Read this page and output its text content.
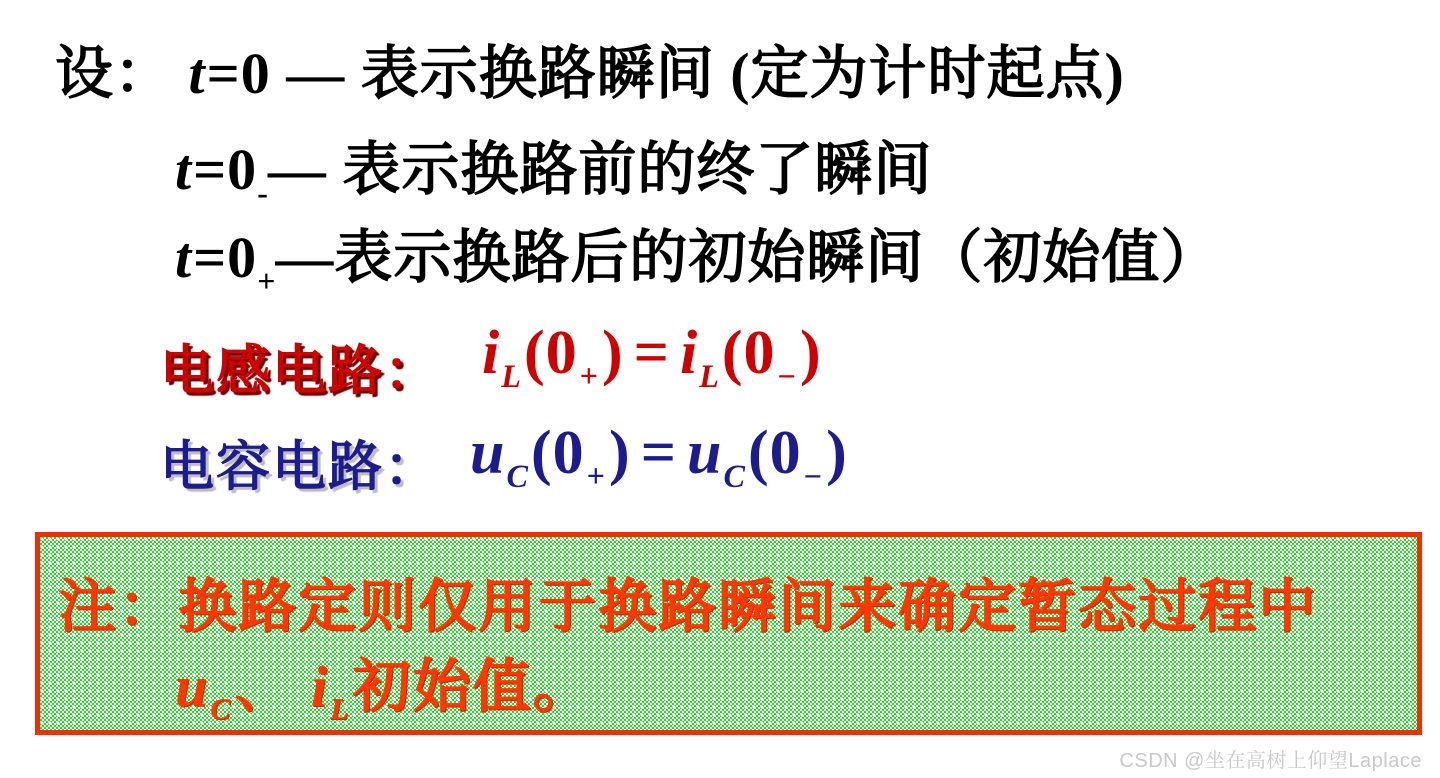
设： t=0 — 表示换路瞬间 (定为计时起点)
$t=0_-—$ 表示换路前的终了瞬间
$t=0_+—$表示换路后的初始瞬间（初始值）
电感电路： $i_L(0_+) = i_L(0_-)$
电容电路： $u_C(0_+) = u_C(0_-)$
注：换路定则仅用于换路瞬间来确定暂态过程中
$u_C$、 $i_L$初始值。
CSDN @坐在高树上仰望Laplace
